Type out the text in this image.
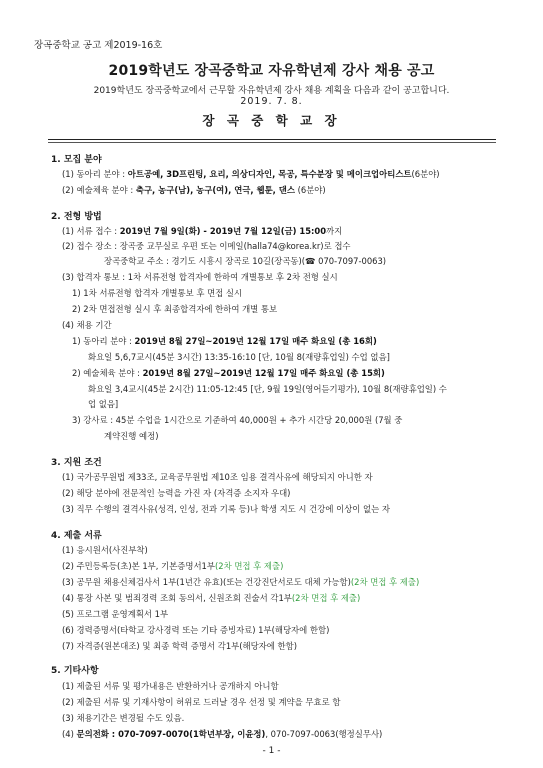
장곡중학교 공고 제2019-16호
2019학년도 장곡중학교 자유학년제 강사 채용 공고
2019학년도 장곡중학교에서 근무할 자유학년제 강사 채용 계획을 다음과 같이 공고합니다.
2019. 7. 8.
장 곡 중 학 교 장
1. 모집 분야
(1) 동아리 분야 : 아트공예, 3D프린팅, 요리, 의상디자인, 목공, 특수분장 및 메이크업아티스트(6분야)
(2) 예술체육 분야 : 축구, 농구(남), 농구(여), 연극, 웹툰, 댄스 (6분야)
2. 전형 방법
(1) 서류 접수 : 2019년 7월 9일(화) - 2019년 7월 12일(금) 15:00까지
(2) 접수 장소 : 장곡중 교무실로 우편 또는 이메일(halla74@korea.kr)로 접수
장곡중학교 주소 : 경기도 시흥시 장곡로 10길(장곡동)(☎ 070-7097-0063)
(3) 합격자 통보 : 1차 서류전형 합격자에 한하여 개별통보 후 2차 전형 실시
1) 1차 서류전형 합격자 개별통보 후 면접 실시
2) 2차 면접전형 실시 후 최종합격자에 한하여 개별 통보
(4) 채용 기간
1) 동아리 분야 : 2019년 8월 27일~2019년 12월 17일 매주 화요일 (총 16회)
화요일 5,6,7교시(45분 3시간) 13:35-16:10 [단, 10월 8(재량휴업일) 수업 없음]
2) 예술체육 분야 : 2019년 8월 27일~2019년 12월 17일 매주 화요일 (총 15회)
화요일 3,4교시(45분 2시간) 11:05-12:45 [단, 9월 19일(영어듣기평가), 10월 8(재량휴업일) 수
업 없음]
3) 강사료 : 45분 수업을 1시간으로 기준하여 40,000원 + 추가 시간당 20,000원 (7월 중
계약진행 예정)
3. 지원 조건
(1) 국가공무원법 제33조, 교육공무원법 제10조 임용 결격사유에 해당되지 아니한 자
(2) 해당 분야에 전문적인 능력을 가진 자 (자격증 소지자 우대)
(3) 직무 수행의 결격사유(성격, 인성, 전과 기록 등)나 학생 지도 시 건강에 이상이 없는 자
4. 제출 서류
(1) 응시원서(사진부착)
(2) 주민등록등(초)본 1부, 기본증명서1부(2차 면접 후 제출)
(3) 공무원 채용신체검사서 1부(1년간 유효)(또는 건강진단서로도 대체 가능함)(2차 면접 후 제출)
(4) 통장 사본 및 범죄경력 조회 동의서, 신원조회 진술서 각1부(2차 면접 후 제출)
(5) 프로그램 운영계획서 1부
(6) 경력증명서(타학교 강사경력 또는 기타 증빙자료) 1부(해당자에 한함)
(7) 자격증(원본대조) 및 최종 학력 증명서 각1부(해당자에 한함)
5. 기타사항
(1) 제출된 서류 및 평가내용은 반환하거나 공개하지 아니함
(2) 제출된 서류 및 기재사항이 허위로 드러날 경우 선정 및 계약을 무효로 함
(3) 채용기간은 변경될 수도 있음.
(4) 문의전화 : 070-7097-0070(1학년부장, 이윤정), 070-7097-0063(행정실무사)
- 1 -
